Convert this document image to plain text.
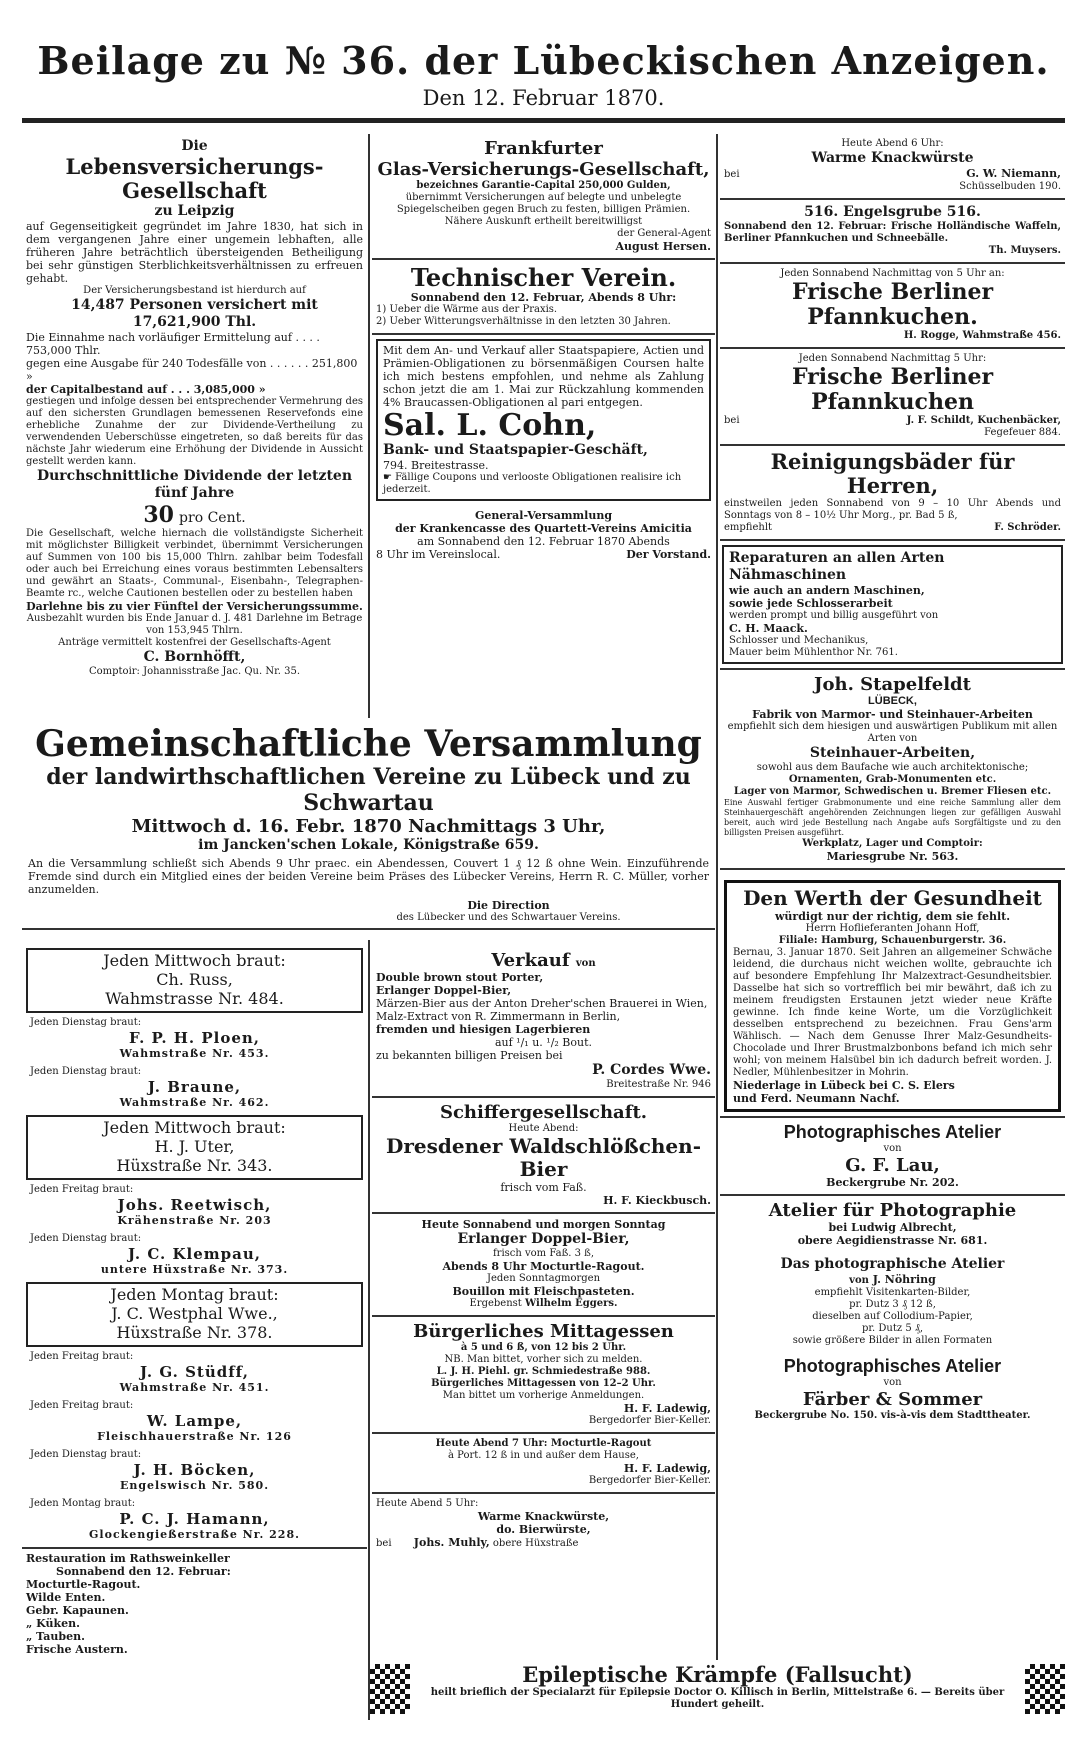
Beilage zu № 36. der Lübeckischen Anzeigen.
Den 12. Februar 1870.
Die
Lebensversicherungs-Gesellschaft
zu Leipzig
auf Gegenseitigkeit gegründet im Jahre 1830, hat sich in dem vergangenen Jahre einer ungemein lebhaften, alle früheren Jahre beträchtlich übersteigenden Betheiligung bei sehr günstigen Sterblichkeitsverhältnissen zu erfreuen gehabt.
Der Versicherungsbestand ist hierdurch auf
14,487 Personen versichert mit 17,621,900 Thl.
Die Einnahme nach vorläufiger Ermittelung auf . . . . 753,000 Thlr.
gegen eine Ausgabe für 240 Todesfälle von . . . . . . 251,800 »
der Capitalbestand auf . . . 3,085,000 »
gestiegen und infolge dessen bei entsprechender Vermehrung des auf den sichersten Grundlagen bemessenen Reservefonds eine erhebliche Zunahme der zur Dividende-Vertheilung zu verwendenden Ueberschüsse eingetreten, so daß bereits für das nächste Jahr wiederum eine Erhöhung der Dividende in Aussicht gestellt werden kann.
Durchschnittliche Dividende der letzten fünf Jahre
30 pro Cent.
Die Gesellschaft, welche hiernach die vollständigste Sicherheit mit möglichster Billigkeit verbindet, übernimmt Versicherungen auf Summen von 100 bis 15,000 Thlrn. zahlbar beim Todesfall oder auch bei Erreichung eines voraus bestimmten Lebensalters und gewährt an Staats-, Communal-, Eisenbahn-, Telegraphen-Beamte rc., welche Cautionen bestellen oder zu bestellen haben
Darlehne bis zu vier Fünftel der Versicherungssumme.
Ausbezahlt wurden bis Ende Januar d. J. 481 Darlehne im Betrage von 153,945 Thlrn.
Anträge vermittelt kostenfrei der Gesellschafts-Agent
C. Bornhöfft,
Comptoir: Johannisstraße Jac. Qu. Nr. 35.
Frankfurter
Glas-Versicherungs-Gesellschaft,
bezeichnes Garantie-Capital 250,000 Gulden,
übernimmt Versicherungen auf belegte und unbelegte Spiegelscheiben gegen Bruch zu festen, billigen Prämien.
Nähere Auskunft ertheilt bereitwilligst
der General-Agent
August Hersen.
Technischer Verein.
Sonnabend den 12. Februar, Abends 8 Uhr:
1) Ueber die Wärme aus der Praxis.
2) Ueber Witterungsverhältnisse in den letzten 30 Jahren.
Mit dem An- und Verkauf aller Staatspapiere, Actien und Prämien-Obligationen zu börsenmäßigen Coursen halte ich mich bestens empfohlen, und nehme als Zahlung schon jetzt die am 1. Mai zur Rückzahlung kommenden 4% Braucassen-Obligationen al pari entgegen.
Sal. L. Cohn,
Bank- und Staatspapier-Geschäft,
794. Breitestrasse.
☛ Fällige Coupons und verlooste Obligationen realisire ich jederzeit.
General-Versammlung
der Krankencasse des Quartett-Vereins Amicitia
am Sonnabend den 12. Februar 1870 Abends
8 Uhr im Vereinslocal.	Der Vorstand.
Gemeinschaftliche Versammlung
der landwirthschaftlichen Vereine zu Lübeck und zu Schwartau
Mittwoch d. 16. Febr. 1870 Nachmittags 3 Uhr,
im Jancken'schen Lokale, Königstraße 659.
An die Versammlung schließt sich Abends 9 Uhr praec. ein Abendessen, Couvert 1 ₰ 12 ß ohne Wein. Einzuführende Fremde sind durch ein Mitglied eines der beiden Vereine beim Präses des Lübecker Vereins, Herrn R. C. Müller, vorher anzumelden.
Die Direction
des Lübecker und des Schwartauer Vereins.
Jeden Mittwoch braut:
Ch. Russ,
Wahmstrasse Nr. 484.
Jeden Dienstag braut:
F. P. H. Ploen,
Wahmstraße Nr. 453.
Jeden Dienstag braut:
J. Braune,
Wahmstraße Nr. 462.
Jeden Mittwoch braut:
H. J. Uter,
Hüxstraße Nr. 343.
Jeden Freitag braut:
Johs. Reetwisch,
Krähenstraße Nr. 203
Jeden Dienstag braut:
J. C. Klempau,
untere Hüxstraße Nr. 373.
Jeden Montag braut:
J. C. Westphal Wwe.,
Hüxstraße Nr. 378.
Jeden Freitag braut:
J. G. Stüdff,
Wahmstraße Nr. 451.
Jeden Freitag braut:
W. Lampe,
Fleischhauerstraße Nr. 126
Jeden Dienstag braut:
J. H. Böcken,
Engelswisch Nr. 580.
Jeden Montag braut:
P. C. J. Hamann,
Glockengießerstraße Nr. 228.
Restauration im Rathsweinkeller
Sonnabend den 12. Februar:
Mocturtle-Ragout.
Wilde Enten.
Gebr. Kapaunen.
„ Küken.
„ Tauben.
Frische Austern.
Verkauf von
Double brown stout Porter,
Erlanger Doppel-Bier,
Märzen-Bier aus der Anton Dreher'schen Brauerei in Wien,
Malz-Extract von R. Zimmermann in Berlin,
fremden und hiesigen Lagerbieren
auf ¹/₁ u. ¹/₂ Bout.
zu bekannten billigen Preisen bei
P. Cordes Wwe.
Breitestraße Nr. 946
Schiffergesellschaft.
Heute Abend:
Dresdener Waldschlößchen-Bier
frisch vom Faß.
H. F. Kieckbusch.
Heute Sonnabend und morgen Sonntag
Erlanger Doppel-Bier,
frisch vom Faß. 3 ß,
Abends 8 Uhr Mocturtle-Ragout.
Jeden Sonntagmorgen
Bouillon mit Fleischpasteten.
Ergebenst Wilhelm Eggers.
Bürgerliches Mittagessen
à 5 und 6 ß, von 12 bis 2 Uhr.
NB. Man bittet, vorher sich zu melden.
L. J. H. Piehl. gr. Schmiedestraße 988.
Bürgerliches Mittagessen von 12–2 Uhr.
Man bittet um vorherige Anmeldungen.
H. F. Ladewig,
Bergedorfer Bier-Keller.
Heute Abend 7 Uhr: Mocturtle-Ragout
à Port. 12 ß in und außer dem Hause,
H. F. Ladewig,
Bergedorfer Bier-Keller.
Heute Abend 5 Uhr:
Warme Knackwürste,
do. Bierwürste,
bei Johs. Muhly, obere Hüxstraße
Heute Abend 6 Uhr:
Warme Knackwürste
bei	G. W. Niemann,
Schüsselbuden 190.
516. Engelsgrube 516.
Sonnabend den 12. Februar: Frische Holländische Waffeln, Berliner Pfannkuchen und Schneebälle.
Th. Muysers.
Jeden Sonnabend Nachmittag von 5 Uhr an:
Frische Berliner Pfannkuchen.
H. Rogge, Wahmstraße 456.
Jeden Sonnabend Nachmittag 5 Uhr:
Frische Berliner Pfannkuchen
bei	J. F. Schildt, Kuchenbäcker,
Fegefeuer 884.
Reinigungsbäder für Herren,
einstweilen jeden Sonnabend von 9 – 10 Uhr Abends und Sonntags von 8 – 10½ Uhr Morg., pr. Bad 5 ß,
empfiehlt	F. Schröder.
Reparaturen an allen Arten Nähmaschinen
wie auch an andern Maschinen,
sowie jede Schlosserarbeit
werden prompt und billig ausgeführt von
C. H. Maack.
Schlosser und Mechanikus,
Mauer beim Mühlenthor Nr. 761.
Joh. Stapelfeldt
LÜBECK,
Fabrik von Marmor- und Steinhauer-Arbeiten
empfiehlt sich dem hiesigen und auswärtigen Publikum mit allen Arten von
Steinhauer-Arbeiten,
sowohl aus dem Baufache wie auch architektonische;
Ornamenten, Grab-Monumenten etc.
Lager von Marmor, Schwedischen u. Bremer Fliesen etc.
Eine Auswahl fertiger Grabmonumente und eine reiche Sammlung aller dem Steinhauergeschäft angehörenden Zeichnungen liegen zur gefälligen Auswahl bereit, auch wird jede Bestellung nach Angabe aufs Sorgfältigste und zu den billigsten Preisen ausgeführt.
Werkplatz, Lager und Comptoir:
Mariesgrube Nr. 563.
Den Werth der Gesundheit
würdigt nur der richtig, dem sie fehlt.
Herrn Hoflieferanten Johann Hoff,
Filiale: Hamburg, Schauenburgerstr. 36.
Bernau, 3. Januar 1870. Seit Jahren an allgemeiner Schwäche leidend, die durchaus nicht weichen wollte, gebrauchte ich auf besondere Empfehlung Ihr Malzextract-Gesundheitsbier. Dasselbe hat sich so vortrefflich bei mir bewährt, daß ich zu meinem freudigsten Erstaunen jetzt wieder neue Kräfte gewinne. Ich finde keine Worte, um die Vorzüglichkeit desselben entsprechend zu bezeichnen. Frau Gens'arm Wählisch. — Nach dem Genusse Ihrer Malz-Gesundheits-Chocolade und Ihrer Brustmalzbonbons befand ich mich sehr wohl; von meinem Halsübel bin ich dadurch befreit worden. J. Nedler, Mühlenbesitzer in Mohrin.
Niederlage in Lübeck bei C. S. Elers
und Ferd. Neumann Nachf.
Photographisches Atelier
von
G. F. Lau,
Beckergrube Nr. 202.
Atelier für Photographie
bei Ludwig Albrecht,
obere Aegidienstrasse Nr. 681.
Das photographische Atelier
von J. Nöhring
empfiehlt Visitenkarten-Bilder,
pr. Dutz 3 ₰ 12 ß,
dieselben auf Collodium-Papier,
pr. Dutz 5 ₰,
sowie größere Bilder in allen Formaten
Photographisches Atelier
von
Färber & Sommer
Beckergrube No. 150. vis-à-vis dem Stadttheater.
Epileptische Krämpfe (Fallsucht)
heilt brieflich der Specialarzt für Epilepsie Doctor O. Killisch in Berlin, Mittelstraße 6. — Bereits über Hundert geheilt.
